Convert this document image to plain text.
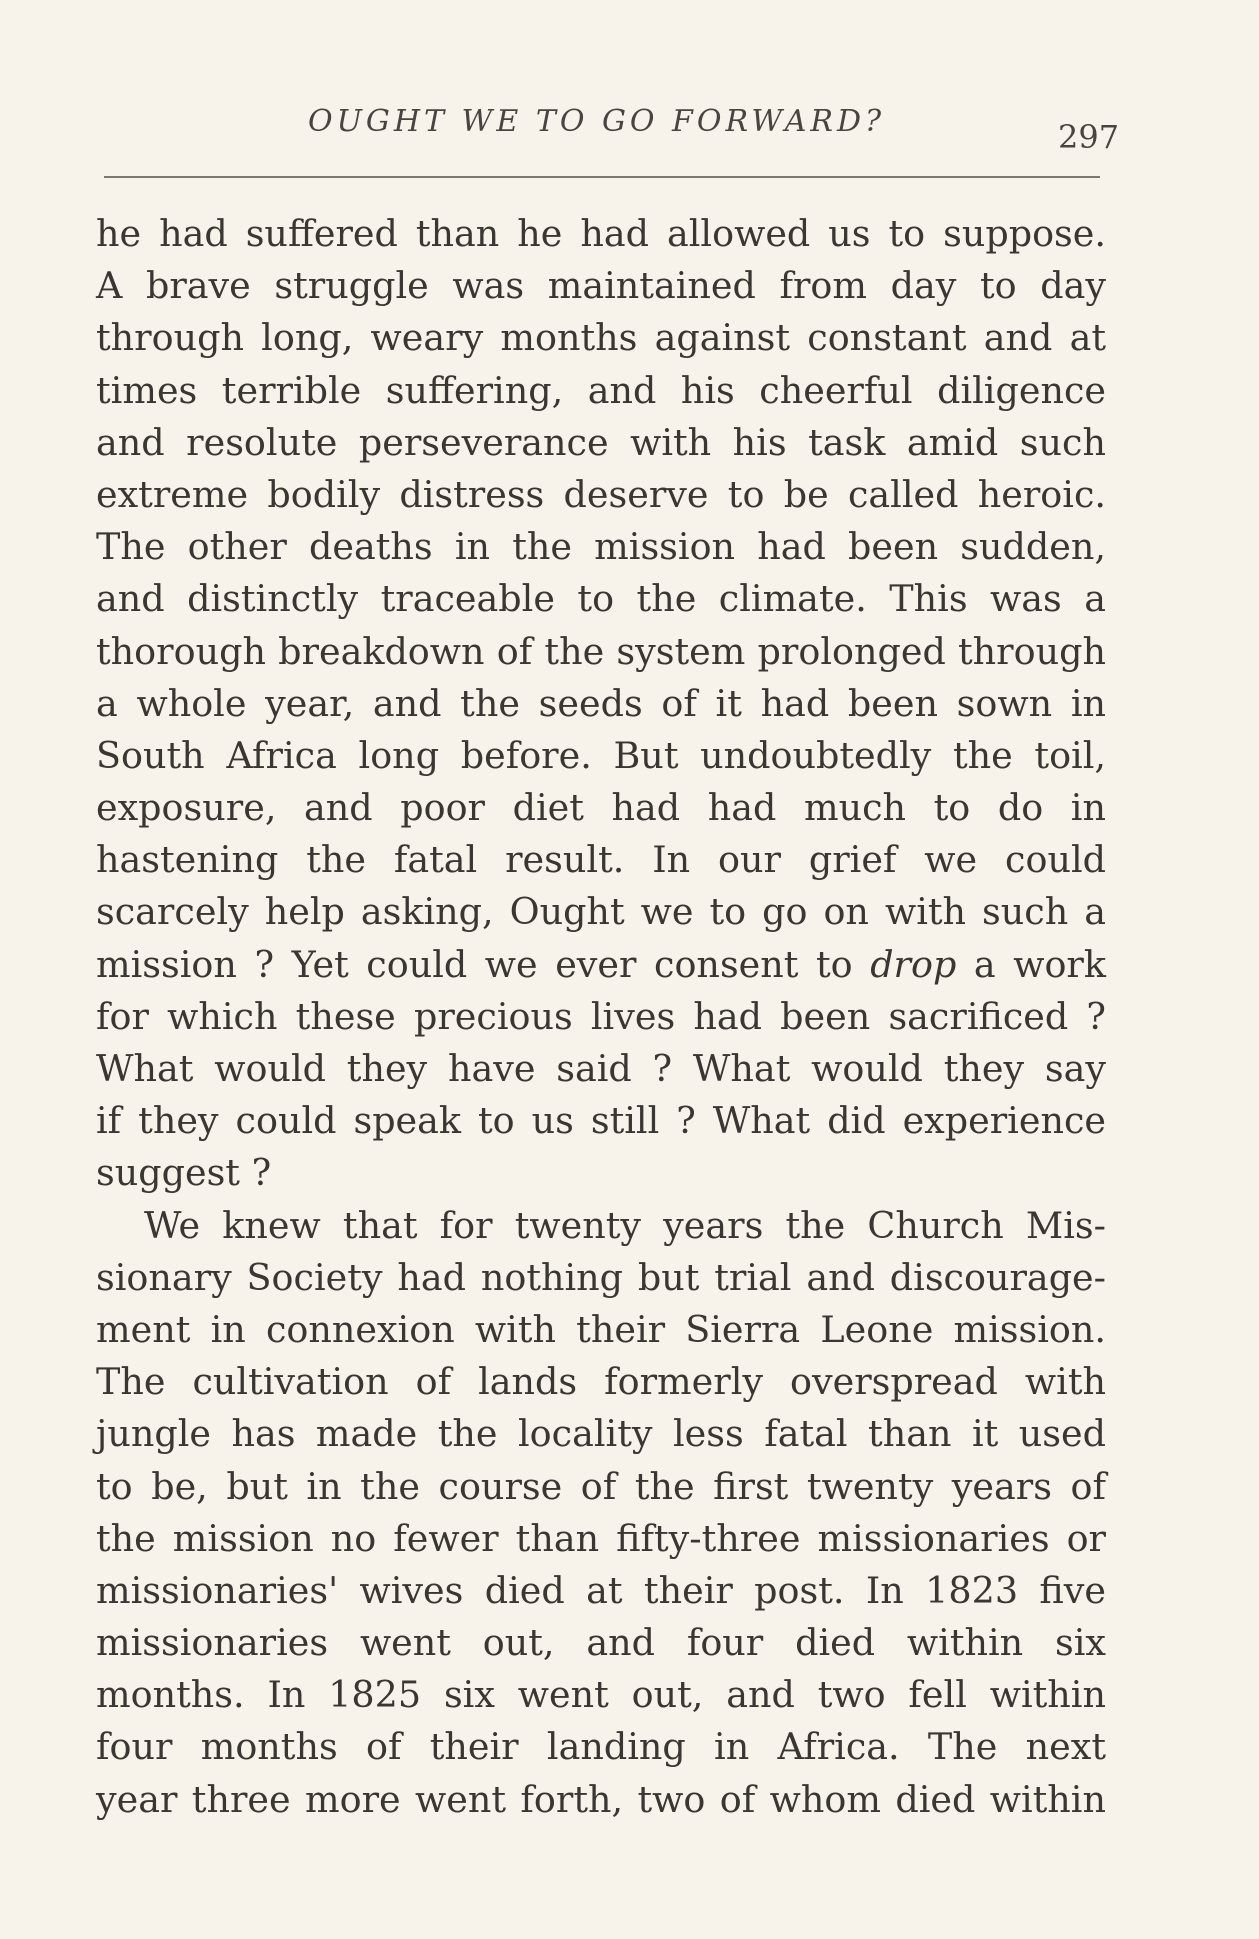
OUGHT WE TO GO FORWARD?	297
he had suffered than he had allowed us to suppose.
A brave struggle was maintained from day to day
through long, weary months against constant and at
times terrible suffering, and his cheerful diligence
and resolute perseverance with his task amid such
extreme bodily distress deserve to be called heroic.
The other deaths in the mission had been sudden,
and distinctly traceable to the climate. This was a
thorough breakdown of the system prolonged through
a whole year, and the seeds of it had been sown in
South Africa long before. But undoubtedly the toil,
exposure, and poor diet had had much to do in
hastening the fatal result. In our grief we could
scarcely help asking, Ought we to go on with such a
mission ? Yet could we ever consent to drop a work
for which these precious lives had been sacrificed ?
What would they have said ? What would they say
if they could speak to us still ? What did experience
suggest ?
We knew that for twenty years the Church Mis-
sionary Society had nothing but trial and discourage-
ment in connexion with their Sierra Leone mission.
The cultivation of lands formerly overspread with
jungle has made the locality less fatal than it used
to be, but in the course of the first twenty years of
the mission no fewer than fifty-three missionaries or
missionaries' wives died at their post. In 1823 five
missionaries went out, and four died within six
months. In 1825 six went out, and two fell within
four months of their landing in Africa. The next
year three more went forth, two of whom died within
